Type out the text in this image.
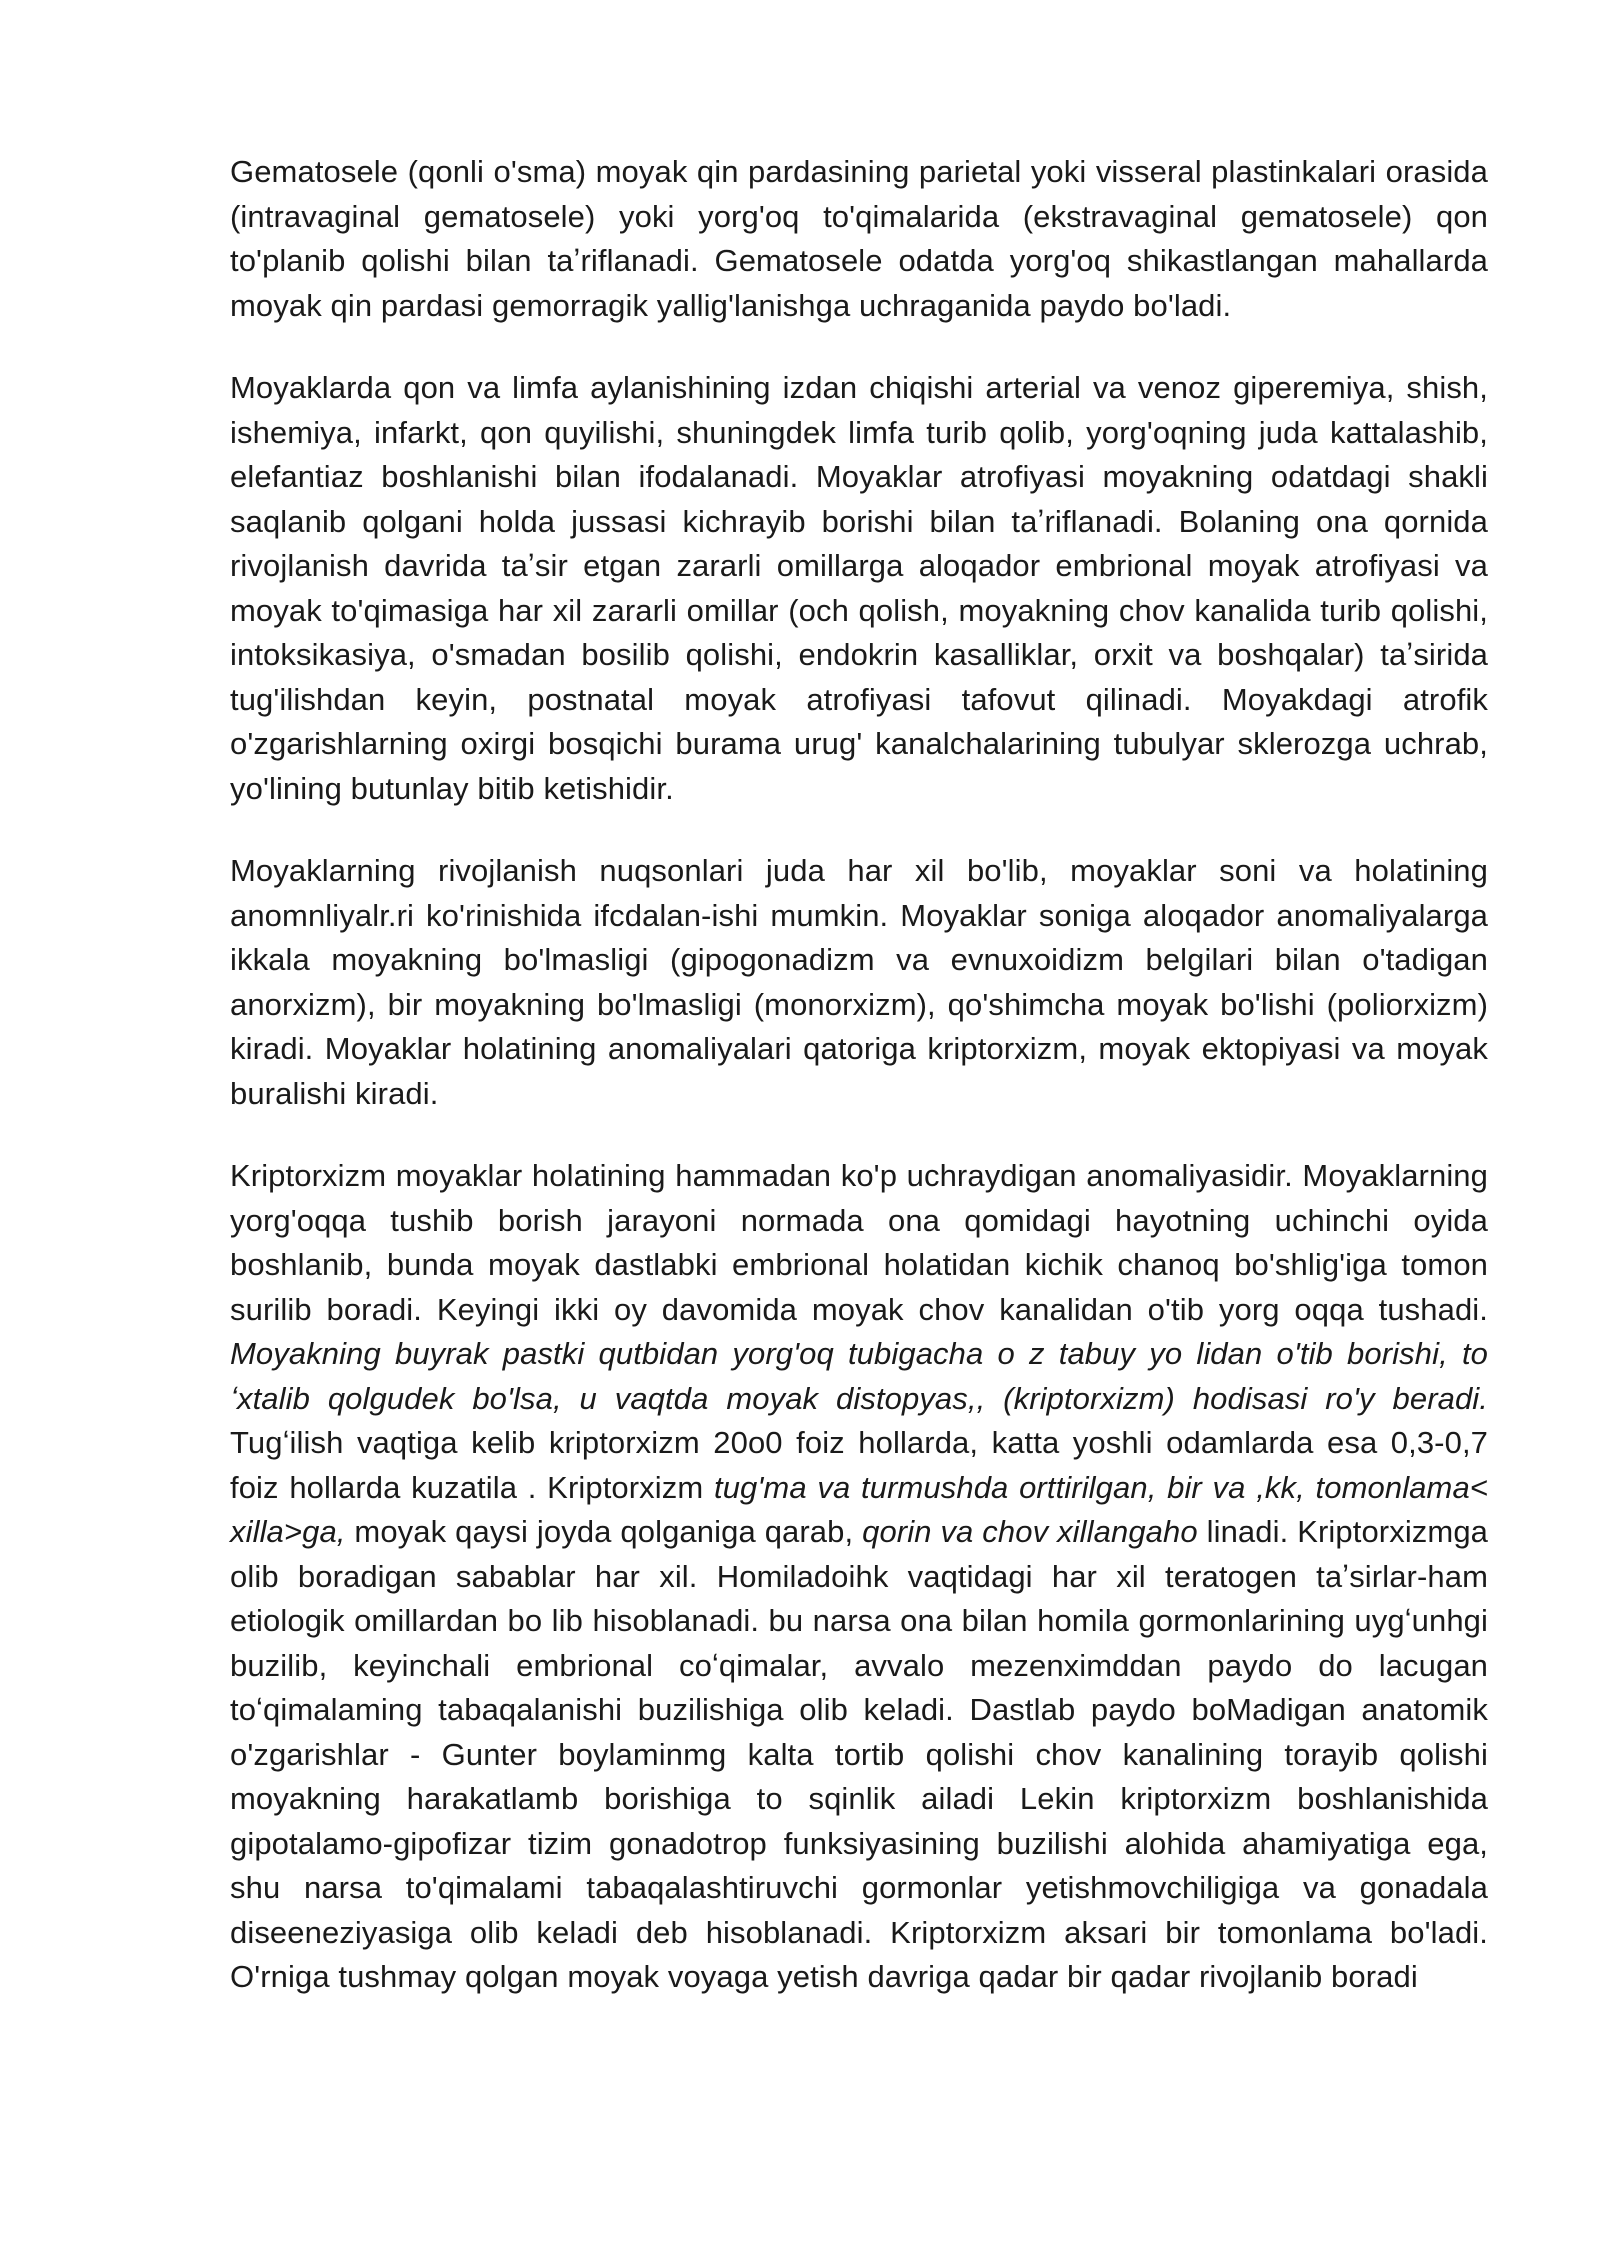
Gematosele (qonli o'sma) moyak qin pardasining parietal yoki visseral plastinkalari orasida (intravaginal gematosele) yoki yorg'oq to'qimalarida (ekstravaginal gematosele) qon to'planib qolishi bilan taʼriflanadi. Gematosele odatda yorg'oq shikastlangan mahallarda moyak qin pardasi gemorragik yallig'lanishga uchraganida paydo bo'ladi.

Moyaklarda qon va limfa aylanishining izdan chiqishi arterial va venoz giperemiya, shish, ishemiya, infarkt, qon quyilishi, shuningdek limfa turib qolib, yorg'oqning juda kattalashib, elefantiaz boshlanishi bilan ifodalanadi. Moyaklar atrofiyasi moyakning odatdagi shakli saqlanib qolgani holda jussasi kichrayib borishi bilan taʼriflanadi. Bolaning ona qornida rivojlanish davrida taʼsir etgan zararli omillarga aloqador embrional moyak atrofiyasi va moyak to'qimasiga har xil zararli omillar (och qolish, moyakning chov kanalida turib qolishi, intoksikasiya, o'smadan bosilib qolishi, endokrin kasalliklar, orxit va boshqalar) taʼsirida tug'ilishdan keyin, postnatal moyak atrofiyasi tafovut qilinadi. Moyakdagi atrofik o'zgarishlarning oxirgi bosqichi burama urug' kanalchalarining tubulyar sklerozga uchrab, yo'lining butunlay bitib ketishidir.

Moyaklarning rivojlanish nuqsonlari juda har xil bo'lib, moyaklar soni va holatining anomnliyalr.ri ko'rinishida ifcdalan-ishi mumkin. Moyaklar soniga aloqador anomaliyalarga ikkala moyakning bo'lmasligi (gipogonadizm va evnuxoidizm belgilari bilan o'tadigan anorxizm), bir moyakning bo'lmasligi (monorxizm), qo'shimcha moyak bo'lishi (poliorxizm) kiradi. Moyaklar holatining anomaliyalari qatoriga kriptorxizm, moyak ektopiyasi va moyak buralishi kiradi.

Kriptorxizm moyaklar holatining hammadan ko'p uchraydigan anomaliyasidir. Moyaklarning yorg'oqqa tushib borish jarayoni normada ona qomidagi hayotning uchinchi oyida boshlanib, bunda moyak dastlabki embrional holatidan kichik chanoq bo'shlig'iga tomon surilib boradi. Keyingi ikki oy davomida moyak chov kanalidan o'tib yorg oqqa tushadi. Moyakning buyrak pastki qutbidan yorg'oq tubigacha o z tabuy yo lidan o'tib borishi, to ʻxtalib qolgudek bo'lsa, и vaqtda moyak distopyas,, (kriptorxizm) hodisasi ro'y beradi. Tugʻilish vaqtiga kelib kriptorxizm 20o0 foiz hollarda, katta yoshli odamlarda esa 0,3-0,7 foiz hollarda kuzatila . Kriptorxizm tug'ma va turmushda orttirilgan, bir va ,kk, tomonlama< xilla>ga, moyak qaysi joyda qolganiga qarab, qorin va chov xillangaho linadi. Kriptorxizmga olib boradigan sabablar har xil. Homiladoihk vaqtidagi har xil teratogen taʼsirlar-ham etiologik omillardan bo lib hisoblanadi. bu narsa ona bilan homila gormonlarining uygʻunhgi buzilib, keyinchali embrional coʻqimalar, avvalo mezenximddan paydo do lacugan toʻqimalaming tabaqalanishi buzilishiga olib keladi. Dastlab paydo boMadigan anatomik o'zgarishlar - Gunter boylaminmg kalta tortib qolishi chov kanalining torayib qolishi moyakning harakatlamb borishiga to sqinlik ailadi Lekin kriptorxizm boshlanishida gipotalamo-gipofizar tizim gonadotrop funksiyasining buzilishi alohida ahamiyatiga ega, shu narsa to'qimalami tabaqalashtiruvchi gormonlar yetishmovchiligiga va gonadala diseeneziyasiga olib keladi deb hisoblanadi. Kriptorxizm aksari bir tomonlama bo'ladi. O'rniga tushmay qolgan moyak voyaga yetish davriga qadar bir qadar rivojlanib boradi
